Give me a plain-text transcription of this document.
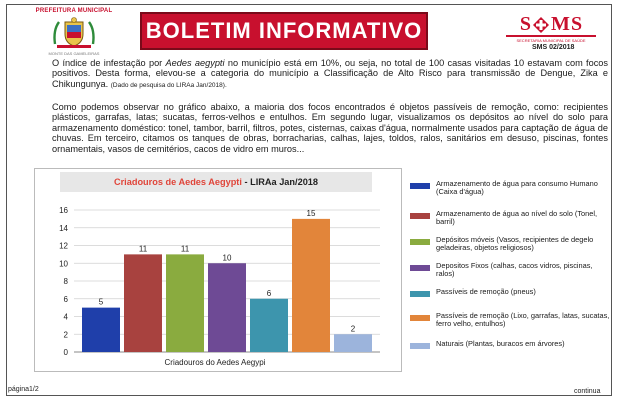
PREFEITURA MUNICIPAL
MONTE DAS GAMELEIRAS
BOLETIM INFORMATIVO	S M S
SECRETARIA MUNICIPAL DE SAÚDE
SMS 02/2018
O índice de infestação por Aedes aegypti no município está em 10%, ou seja, no total de 100 casas visitadas 10 estavam com focos positivos. Desta forma, elevou-se a categoria do município a Classificação de Alto Risco para transmissão de Dengue, Zika e Chikungunya. (Dado de pesquisa do LIRAa Jan/2018).
Como podemos observar no gráfico abaixo, a maioria dos focos encontrados é objetos passíveis de remoção, como: recipientes plásticos, garrafas, latas; sucatas, ferros-velhos e entulhos. Em segundo lugar, visualizamos os depósitos ao nível do solo para armazenamento doméstico: tonel, tambor, barril, filtros, potes, cisternas, caixas d'água, normalmente usados para captação de água de chuvas. Em terceiro, citamos os tanques de obras, borracharias, calhas, lajes, toldos, ralos, sanitários em desuso, piscinas, fontes ornamentais, vasos de cemitérios, cacos de vidro em muros...
Criadouros de Aedes Aegypti - LIRAa Jan/2018
0
2
4
6
8
10
12
14
16
5
11	11
10
6
15
2
Criadouros do Aedes Aegypi
Armazenamento de água para consumo Humano (Caixa d'água)
Armazenamento de água ao nível do solo (Tonel, barril)
Depósitos móveis (Vasos, recipientes de degelo geladeiras, objetos religiosos)
Depositos Fixos (calhas, cacos vidros, piscinas, ralos)
Passíveis de remoção (pneus)
Passíveis de remoção (Lixo, garrafas, latas, sucatas, ferro velho, entulhos)
Naturais (Plantas, buracos em árvores)
página1/2	continua
